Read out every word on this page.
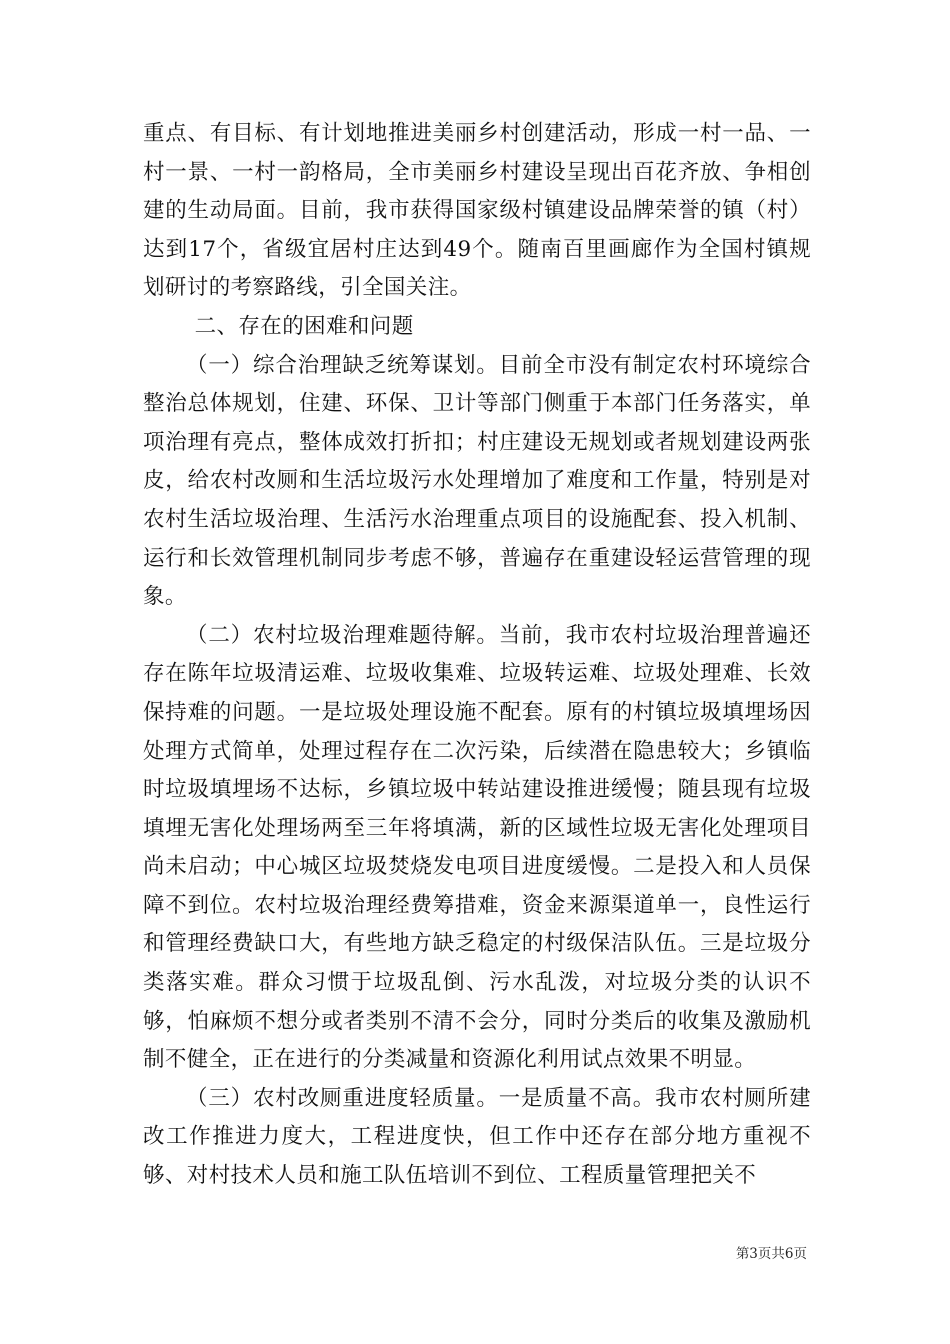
重点、有目标、有计划地推进美丽乡村创建活动，形成一村一品、一村一景、一村一韵格局，全市美丽乡村建设呈现出百花齐放、争相创建的生动局面。目前，我市获得国家级村镇建设品牌荣誉的镇（村）达到17个，省级宜居村庄达到49个。随南百里画廊作为全国村镇规划研讨的考察路线，引全国关注。

二、存在的困难和问题

（一）综合治理缺乏统筹谋划。目前全市没有制定农村环境综合整治总体规划，住建、环保、卫计等部门侧重于本部门任务落实，单项治理有亮点，整体成效打折扣；村庄建设无规划或者规划建设两张皮，给农村改厕和生活垃圾污水处理增加了难度和工作量，特别是对农村生活垃圾治理、生活污水治理重点项目的设施配套、投入机制、运行和长效管理机制同步考虑不够，普遍存在重建设轻运营管理的现象。

（二）农村垃圾治理难题待解。当前，我市农村垃圾治理普遍还存在陈年垃圾清运难、垃圾收集难、垃圾转运难、垃圾处理难、长效保持难的问题。一是垃圾处理设施不配套。原有的村镇垃圾填埋场因处理方式简单，处理过程存在二次污染，后续潜在隐患较大；乡镇临时垃圾填埋场不达标，乡镇垃圾中转站建设推进缓慢；随县现有垃圾填埋无害化处理场两至三年将填满，新的区域性垃圾无害化处理项目尚未启动；中心城区垃圾焚烧发电项目进度缓慢。二是投入和人员保障不到位。农村垃圾治理经费筹措难，资金来源渠道单一，良性运行和管理经费缺口大，有些地方缺乏稳定的村级保洁队伍。三是垃圾分类落实难。群众习惯于垃圾乱倒、污水乱泼，对垃圾分类的认识不够，怕麻烦不想分或者类别不清不会分，同时分类后的收集及激励机制不健全，正在进行的分类减量和资源化利用试点效果不明显。

（三）农村改厕重进度轻质量。一是质量不高。我市农村厕所建改工作推进力度大，工程进度快，但工作中还存在部分地方重视不够、对村技术人员和施工队伍培训不到位、工程质量管理把关不

第3页共6页
